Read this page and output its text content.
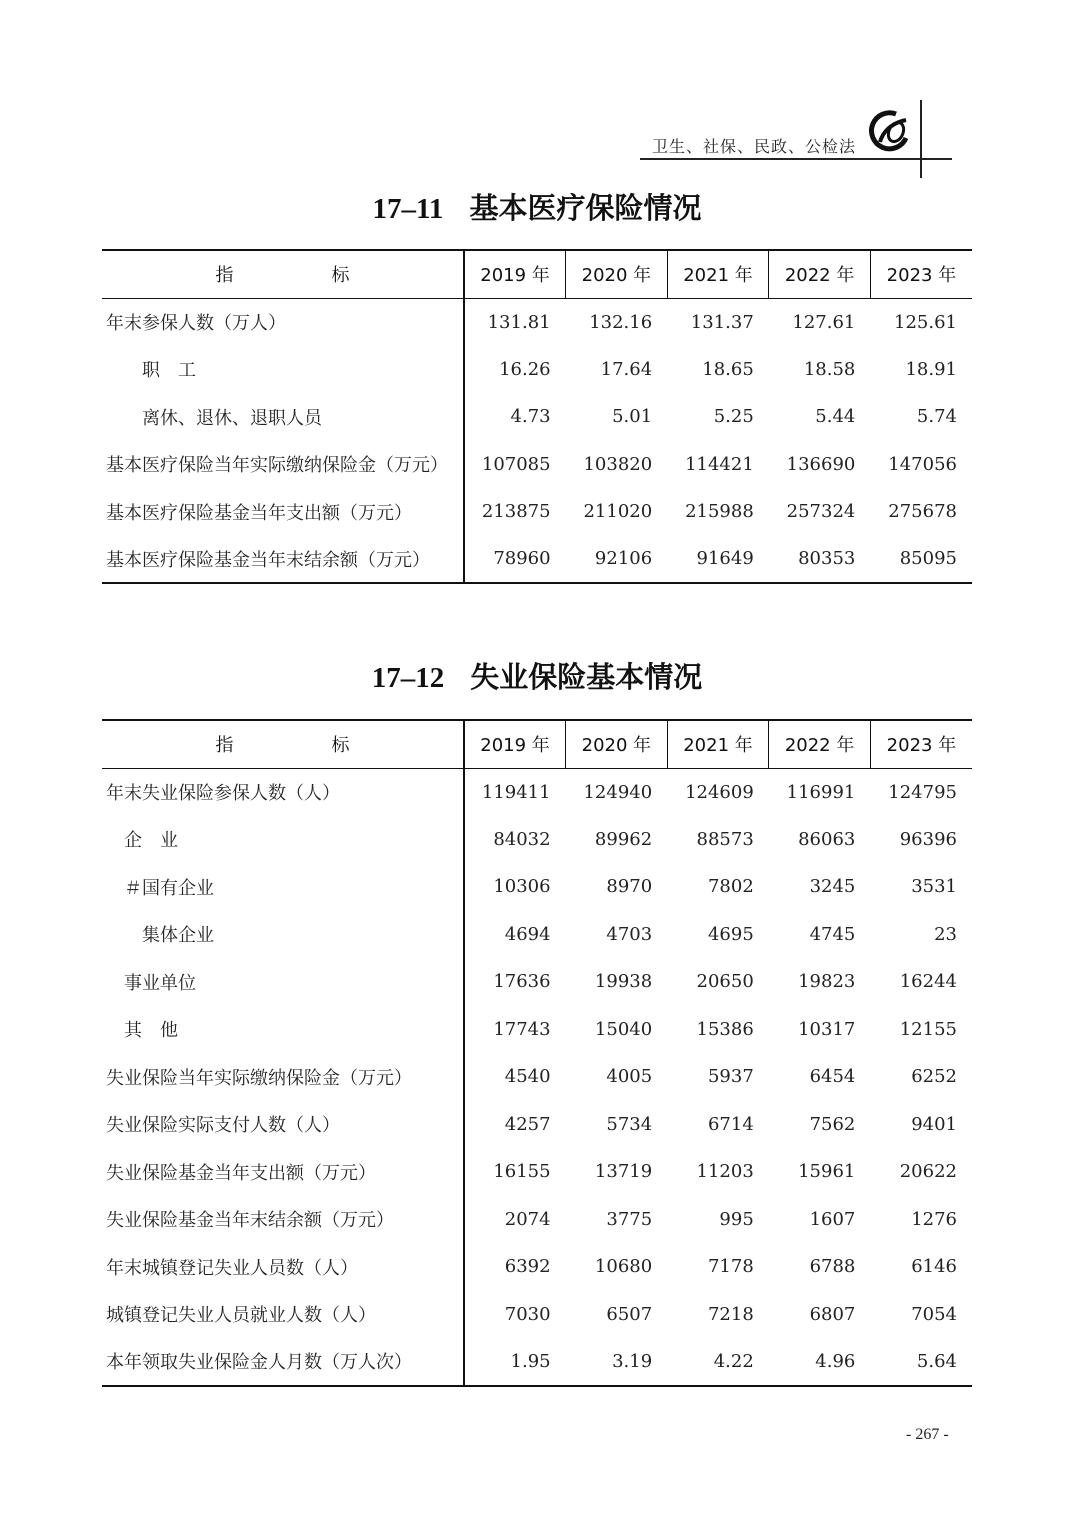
卫生、社保、民政、公检法
17–11 基本医疗保险情况
指　标	2019 年	2020 年	2021 年	2022 年	2023 年
年末参保人数（万人）	131.81	132.16	131.37	127.61	125.61
职　工	16.26	17.64	18.65	18.58	18.91
离休、退休、退职人员	4.73	5.01	5.25	5.44	5.74
基本医疗保险当年实际缴纳保险金（万元）	107085	103820	114421	136690	147056
基本医疗保险基金当年支出额（万元）	213875	211020	215988	257324	275678
基本医疗保险基金当年末结余额（万元）	78960	92106	91649	80353	85095
17–12 失业保险基本情况
指　标	2019 年	2020 年	2021 年	2022 年	2023 年
年末失业保险参保人数（人）	119411	124940	124609	116991	124795
企　业	84032	89962	88573	86063	96396
＃国有企业	10306	8970	7802	3245	3531
集体企业	4694	4703	4695	4745	23
事业单位	17636	19938	20650	19823	16244
其　他	17743	15040	15386	10317	12155
失业保险当年实际缴纳保险金（万元）	4540	4005	5937	6454	6252
失业保险实际支付人数（人）	4257	5734	6714	7562	9401
失业保险基金当年支出额（万元）	16155	13719	11203	15961	20622
失业保险基金当年末结余额（万元）	2074	3775	995	1607	1276
年末城镇登记失业人员数（人）	6392	10680	7178	6788	6146
城镇登记失业人员就业人数（人）	7030	6507	7218	6807	7054
本年领取失业保险金人月数（万人次）	1.95	3.19	4.22	4.96	5.64
- 267 -
